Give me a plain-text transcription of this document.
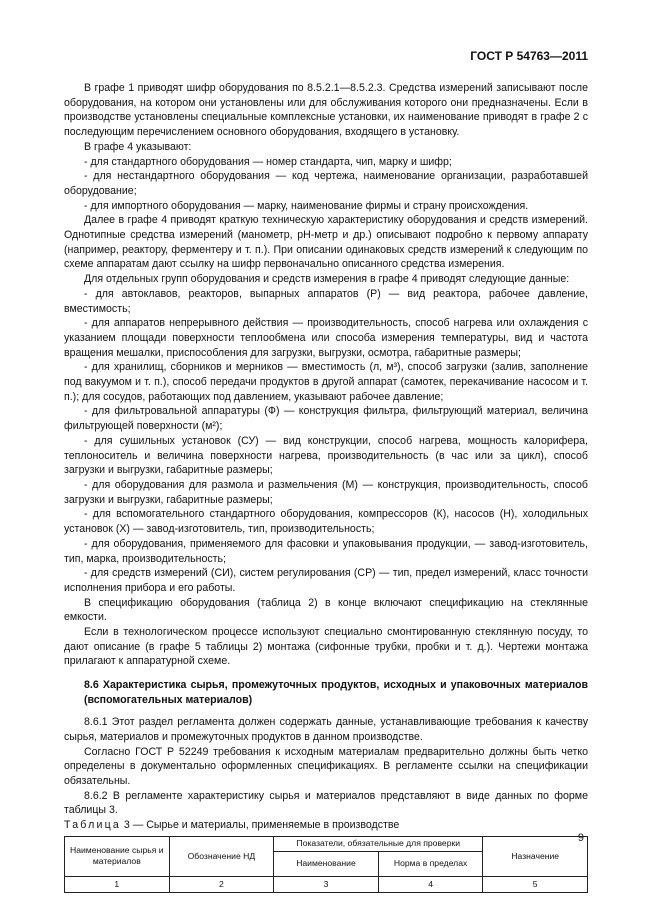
ГОСТ Р 54763—2011

В графе 1 приводят шифр оборудования по 8.5.2.1—8.5.2.3. Средства измерений записывают после оборудования, на котором они установлены или для обслуживания которого они предназначены. Если в производстве установлены специальные комплексные установки, их наименование приводят в графе 2 с последующим перечислением основного оборудования, входящего в установку.

В графе 4 указывают:

- для стандартного оборудования — номер стандарта, чип, марку и шифр;

- для нестандартного оборудования — код чертежа, наименование организации, разработавшей оборудование;

- для импортного оборудования — марку, наименование фирмы и страну происхождения.

Далее в графе 4 приводят краткую техническую характеристику оборудования и средств измерений. Однотипные средства измерений (манометр, pH-метр и др.) описывают подробно к первому аппарату (например, реактору, ферментеру и т. п.). При описании одинаковых средств измерений к следующим по схеме аппаратам дают ссылку на шифр первоначально описанного средства измерения.

Для отдельных групп оборудования и средств измерения в графе 4 приводят следующие данные:

- для автоклавов, реакторов, выпарных аппаратов (Р) — вид реактора, рабочее давление, вместимость;

- для аппаратов непрерывного действия — производительность, способ нагрева или охлаждения с указанием площади поверхности теплообмена или способа измерения температуры, вид и частота вращения мешалки, приспособления для загрузки, выгрузки, осмотра, габаритные размеры;

- для хранилищ, сборников и мерников — вместимость (л, м³), способ загрузки (залив, заполнение под вакуумом и т. п.), способ передачи продуктов в другой аппарат (самотек, перекачивание насосом и т. п.); для сосудов, работающих под давлением, указывают рабочее давление;

- для фильтровальной аппаратуры (Ф) — конструкция фильтра, фильтрующий материал, величина фильтрующей поверхности (м²);

- для сушильных установок (СУ) — вид конструкции, способ нагрева, мощность калорифера, теплоноситель и величина поверхности нагрева, производительность (в час или за цикл), способ загрузки и выгрузки, габаритные размеры;

- для оборудования для размола и размельчения (М) — конструкция, производительность, способ загрузки и выгрузки, габаритные размеры;

- для вспомогательного стандартного оборудования, компрессоров (К), насосов (Н), холодильных установок (Х) — завод-изготовитель, тип, производительность;

- для оборудования, применяемого для фасовки и упаковывания продукции, — завод-изготовитель, тип, марка, производительность;

- для средств измерений (СИ), систем регулирования (СР) — тип, предел измерений, класс точности исполнения прибора и его работы.

В спецификацию оборудования (таблица 2) в конце включают спецификацию на стеклянные емкости.

Если в технологическом процессе используют специально смонтированную стеклянную посуду, то дают описание (в графе 5 таблицы 2) монтажа (сифонные трубки, пробки и т. д.). Чертежи монтажа прилагают к аппаратурной схеме.

8.6 Характеристика сырья, промежуточных продуктов, исходных и упаковочных материалов (вспомогательных материалов)

8.6.1 Этот раздел регламента должен содержать данные, устанавливающие требования к качеству сырья, материалов и промежуточных продуктов в данном производстве.

Согласно ГОСТ Р 52249 требования к исходным материалам предварительно должны быть четко определены в документально оформленных спецификациях. В регламенте ссылки на спецификации обязательны.

8.6.2 В регламенте характеристику сырья и материалов представляют в виде данных по форме таблицы 3.

Таблица 3 — Сырье и материалы, применяемые в производстве

Наименование сырья и материалов	Обозначение НД	Показатели, обязательные для проверки		Назначение
		Наименование	Норма в пределах	
1	2	3	4	5
9
